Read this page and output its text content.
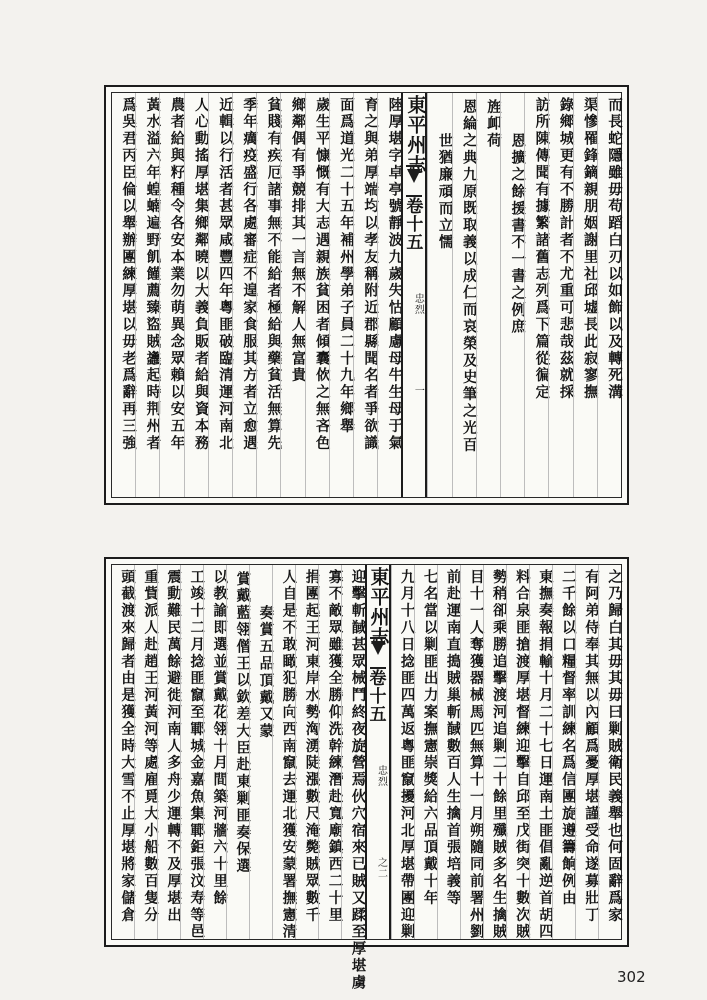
而長蛇隱雖毋苟蹈白刃以如飾以及轉死溝
渠慘罹鋒鏑親朋姻謝里社邱墟長此寂寥撫
錄鄉城更有不勝計者不尤重可悲哉茲就採
訪所陳傳聞有據繁諸舊志列爲下篇從徧定
恩擴之餘援書不一書之例庶
旌卹荷
恩綸之典九原既取義以成仁而哀榮及史筆之光百
世猶廉頑而立懦
東平州志
卷十五
忠烈
一
陸厚堪字卓亭號靜波九歲失怙顧慮母牛生母于氣
育之與弟厚端均以孝友稱附近郡縣聞名者爭欲識
面爲道光二十五年補州學弟子員二十九年鄉舉
歲生平慷慨有大志遇親族貧困者傾囊佽之無吝色
鄉鄰偶有爭競排其一言無不解人無富貴
貧賤有疾厄諸事無不能給者極給與藥貧活無算先
季年癘疫盛行各處審症不遑家食服其方者立愈遇
近輯以行活者甚眾咸豐四年粵匪破臨清運河南北
人心動搖厚堪集鄉鄰曉以大義負販者給與資本務
農者給與籽種令各安本業勿萌異念眾賴以安五年
黃水溢六年蝗蝻遍野飢饉薦臻盜賊蠭起時荆州者
爲吳君丙臣倫以舉辦團練厚堪以毋老爲辭再三強
之乃歸白其毋其毋曰剿賊衛民義舉也何固辭爲家
有阿弟侍奉其無以內顧爲憂厚堪謹受命遂募壯丁
二千餘以口糧督率訓練名爲信團旋遵籌餉例由
東撫奏報捐輸十月二十七日運南土匪倡亂逆首胡四
料合泉匪搶渡厚堪督練迎擊自邱至戊街突十數次賊
勢稍卻乘勝追擊渡河追剿二十餘里殲賊多名生擒賊
目十一人奪獲器械馬匹無算十一月朔隨同前署州劉
前赴運南直搗賊巢斬馘數百人生擒首張培義等
七名當以剿匪出力案撫憲崇獎給六品頂戴十年
九月十八日捻匪四萬返粵匪竄擾河北厚堪帶團迎剿
東平州志
卷十五
忠烈
之二
迎擊斬馘甚眾械鬥終夜旋營焉伙穴宿來已賊又蹂至厚堪虜
寡不敵眾雖獲全勝仰洗幹練潛赴寬廟鎮西二十里
捐團起王河東岸水勢洶湧陡漲數尺淹斃賊眾數千
人自是不敢瞰犯勝向西南竄去運北獲安蒙署撫憲清
奏賞五品頂戴又蒙
賞戴藍翎僧王以欽差大臣赴東剿匪奏保選
以教諭即選並賞戴花翎十月間築河牆六十里餘
工竣十二月捻匪竄至鄆城金嘉魚集鄆鉅張汶寿等邑
震動難民萬餘避徙河南人多舟少運轉不及厚堪出
重貲派人赴趙王河黃河等處雇覓大小船數百隻分
頭截渡來歸者由是獲全時大雪不止厚堪將家儲倉
302
